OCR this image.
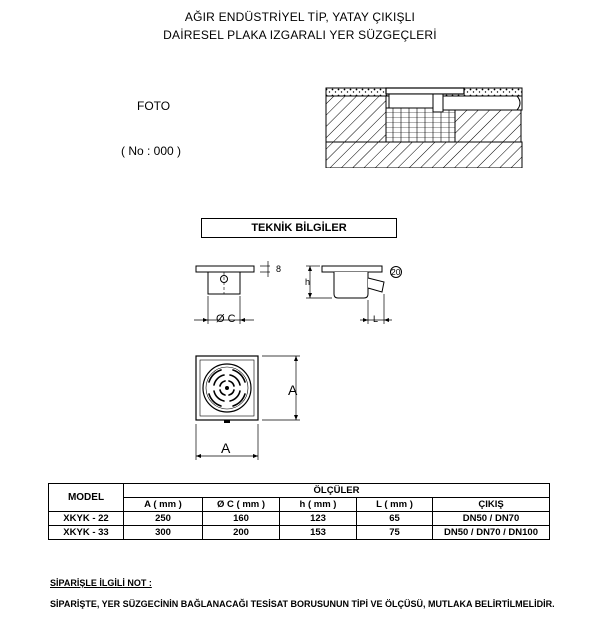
AĞIR ENDÜSTRİYEL TİP, YATAY ÇIKIŞLI
DAİRESEL PLAKA IZGARALI YER SÜZGEÇLERİ
FOTO
( No : 000 )
TEKNİK BİLGİLER
8
Ø C
h
20
L
A
A
MODEL	ÖLÇÜLER				
	A ( mm )	Ø C ( mm )	h ( mm )	L ( mm )	ÇIKIŞ
XKYK - 22	250	160	123	65	DN50 / DN70
XKYK - 33	300	200	153	75	DN50 / DN70 / DN100
SİPARİŞLE İLGİLİ NOT :
SİPARİŞTE, YER SÜZGECİNİN BAĞLANACAĞI TESİSAT BORUSUNUN TİPİ VE ÖLÇÜSÜ, MUTLAKA BELİRTİLMELİDİR.
